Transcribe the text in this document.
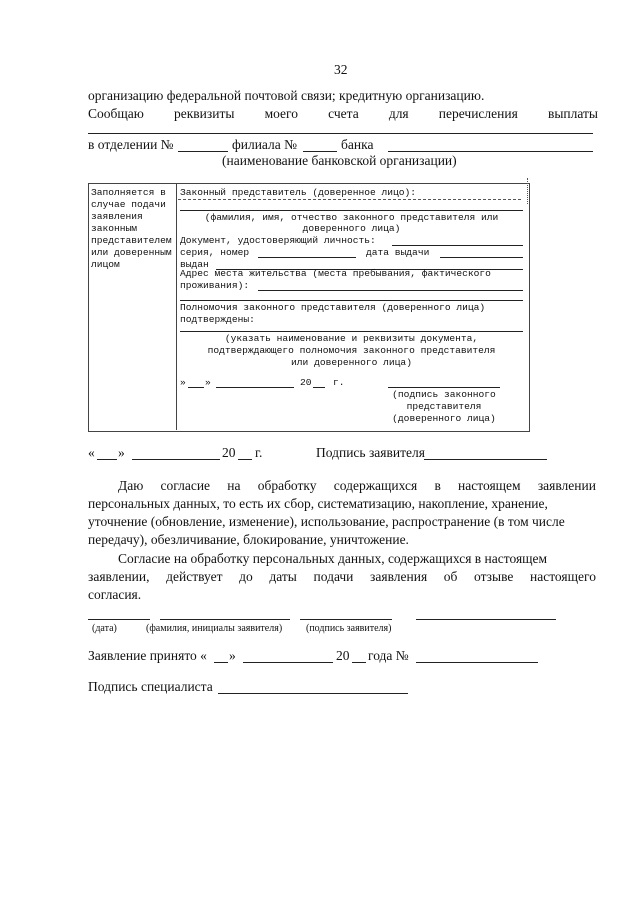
32
организацию федеральной почтовой связи; кредитную организацию.
Сообщаю реквизиты моего счета для перечисления выплаты
в отделении №	филиала №	банка
(наименование банковской организации)
Заполняется в
случае подачи
заявления
законным
представителем
или доверенным
лицом
Законный представитель (доверенное лицо):
(фамилия, имя, отчество законного представителя или
доверенного лица)
Документ, удостоверяющий личность:
серия, номер	дата выдачи
выдан
Адрес места жительства (места пребывания, фактического
проживания):
Полномочия законного представителя (доверенного лица)
подтверждены:
(указать наименование и реквизиты документа,
подтверждающего полномочия законного представителя
или доверенного лица)
» »	20 г.
(подпись законного
представителя
(доверенного лица)
« »	20 г.	Подпись заявителя
Даю согласие на обработку содержащихся в настоящем заявлении
персональных данных, то есть их сбор, систематизацию, накопление, хранение,
уточнение (обновление, изменение), использование, распространение (в том числе
передачу), обезличивание, блокирование, уничтожение.
Согласие на обработку персональных данных, содержащихся в настоящем
заявлении, действует до даты подачи заявления об отзыве настоящего
согласия.
(дата)	(фамилия, инициалы заявителя) (подпись заявителя)
Заявление принято « »	20 года №
Подпись специалиста
